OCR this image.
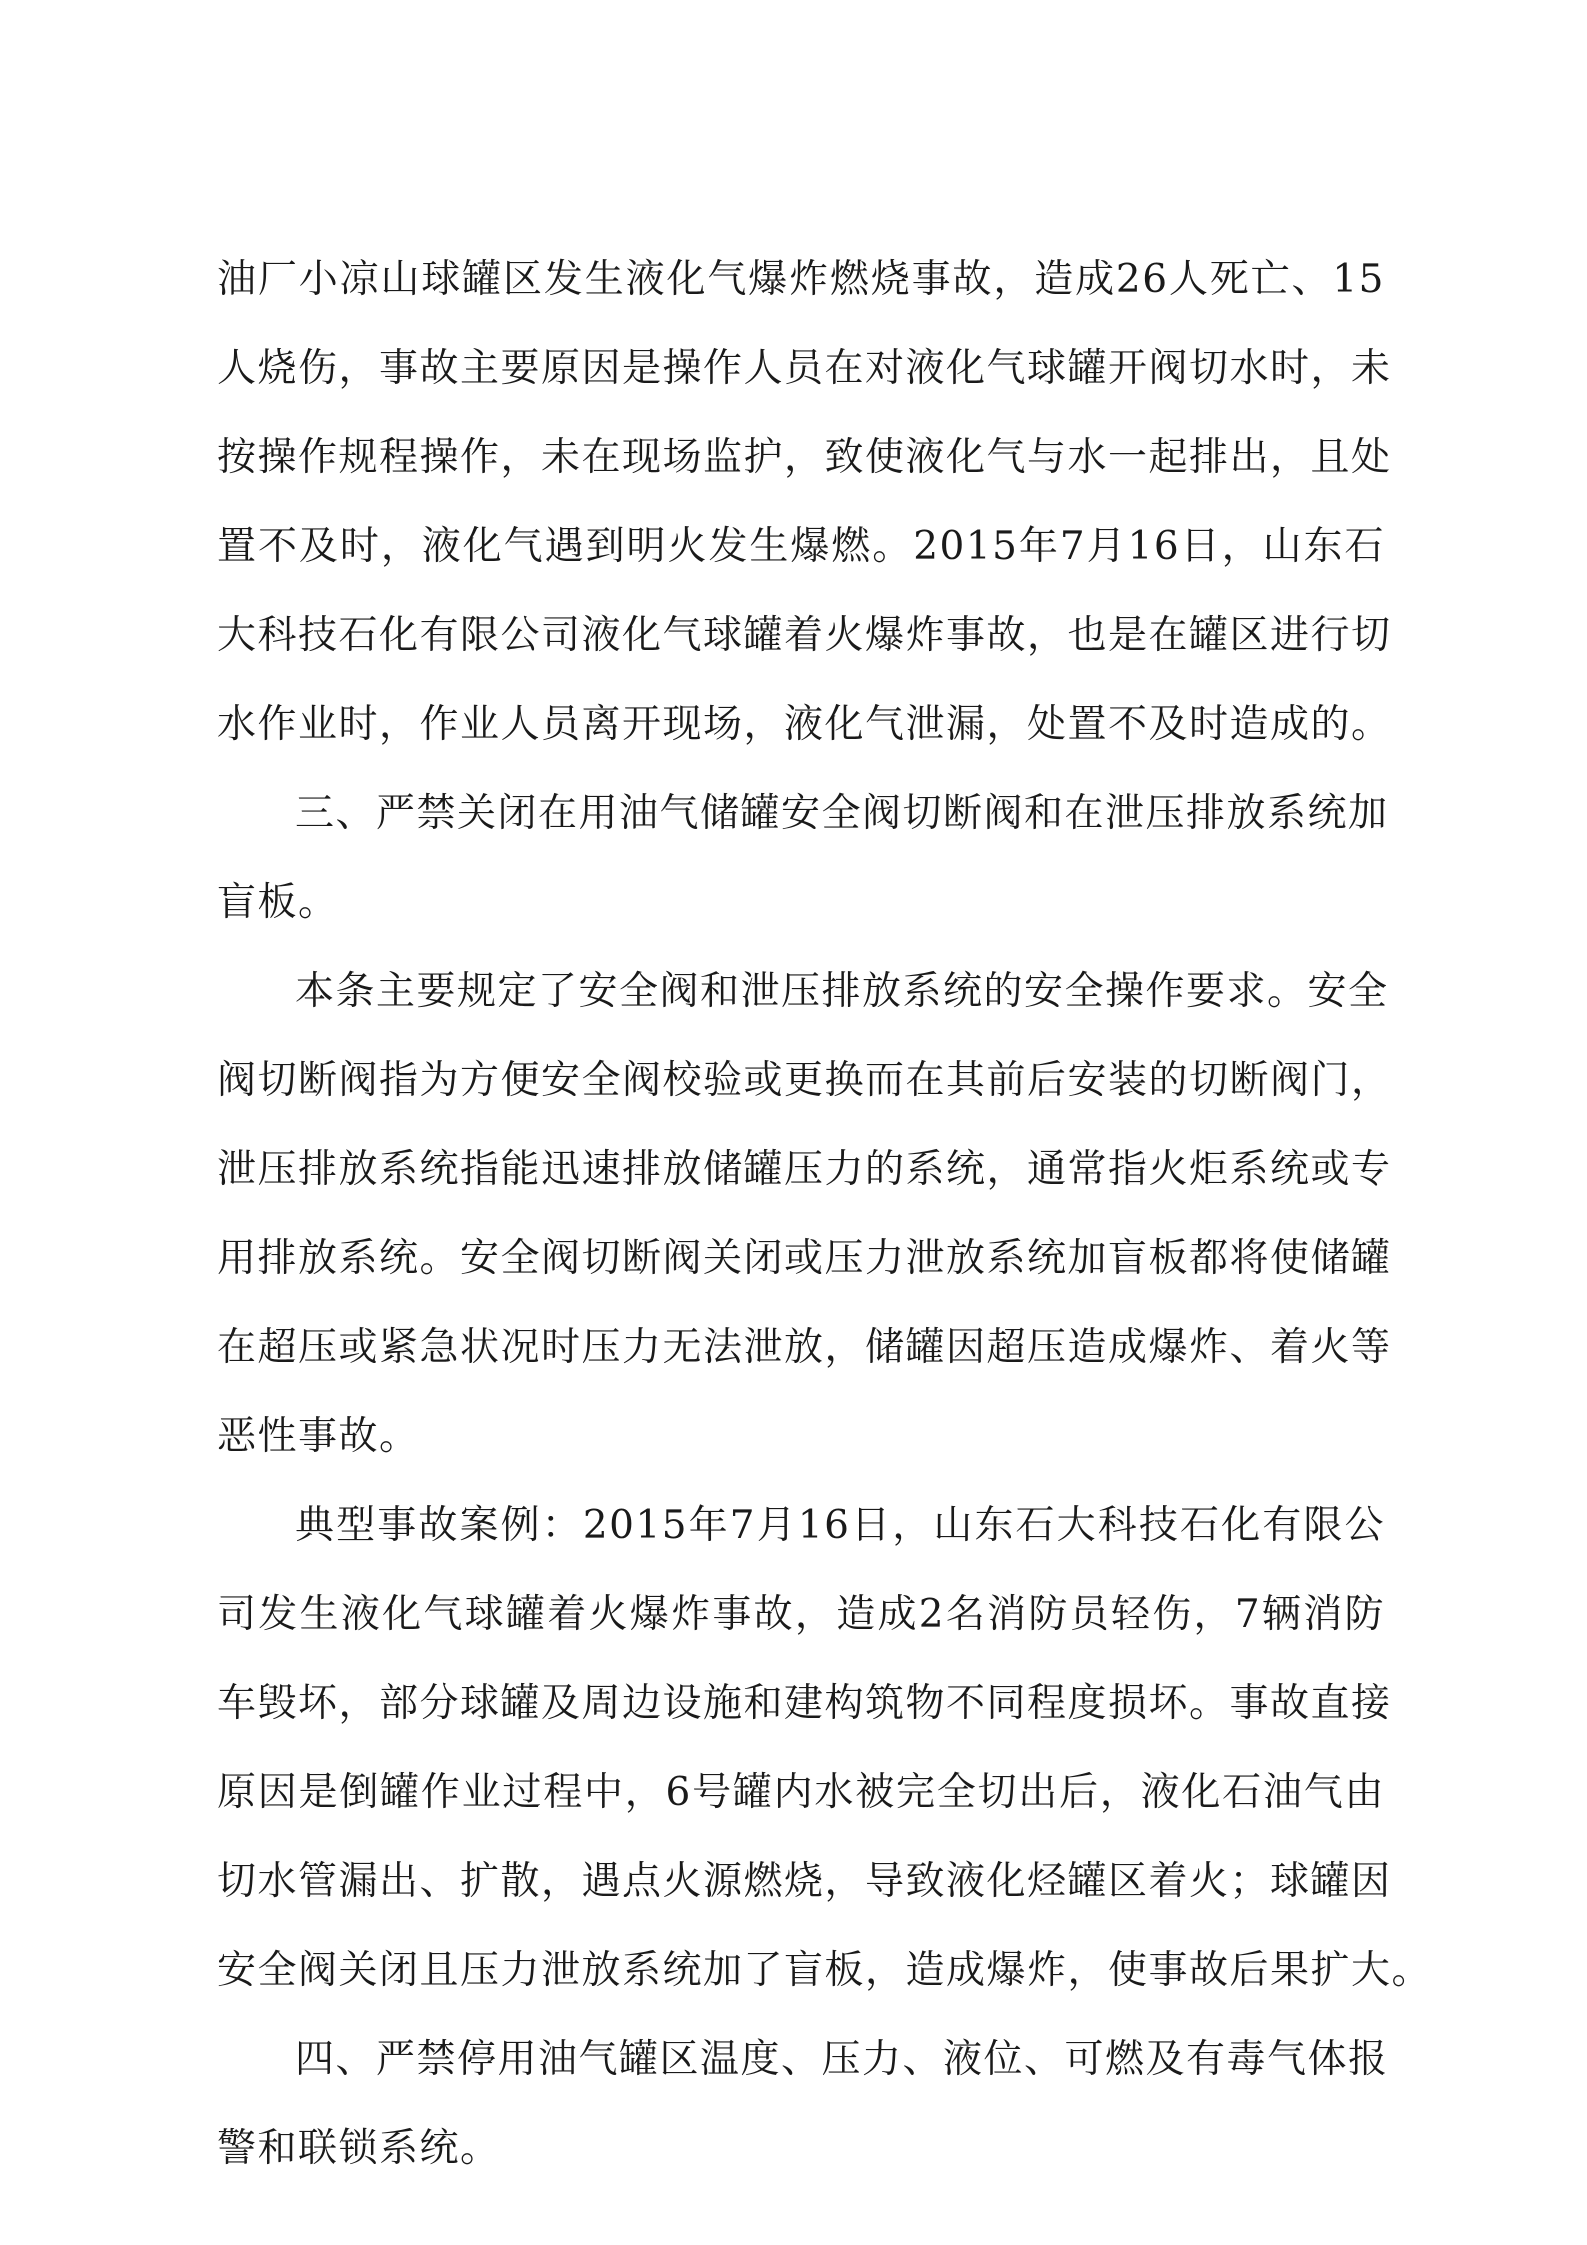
油厂小凉山球罐区发生液化气爆炸燃烧事故，造成26人死亡、15
人烧伤，事故主要原因是操作人员在对液化气球罐开阀切水时，未
按操作规程操作，未在现场监护，致使液化气与水一起排出，且处
置不及时，液化气遇到明火发生爆燃。2015年7月16日，山东石
大科技石化有限公司液化气球罐着火爆炸事故，也是在罐区进行切
水作业时，作业人员离开现场，液化气泄漏，处置不及时造成的。
三、严禁关闭在用油气储罐安全阀切断阀和在泄压排放系统加
盲板。
本条主要规定了安全阀和泄压排放系统的安全操作要求。安全
阀切断阀指为方便安全阀校验或更换而在其前后安装的切断阀门，
泄压排放系统指能迅速排放储罐压力的系统，通常指火炬系统或专
用排放系统。安全阀切断阀关闭或压力泄放系统加盲板都将使储罐
在超压或紧急状况时压力无法泄放，储罐因超压造成爆炸、着火等
恶性事故。
典型事故案例：2015年7月16日，山东石大科技石化有限公
司发生液化气球罐着火爆炸事故，造成2名消防员轻伤，7辆消防
车毁坏，部分球罐及周边设施和建构筑物不同程度损坏。事故直接
原因是倒罐作业过程中，6号罐内水被完全切出后，液化石油气由
切水管漏出、扩散，遇点火源燃烧，导致液化烃罐区着火；球罐因
安全阀关闭且压力泄放系统加了盲板，造成爆炸，使事故后果扩大。
四、严禁停用油气罐区温度、压力、液位、可燃及有毒气体报
警和联锁系统。
